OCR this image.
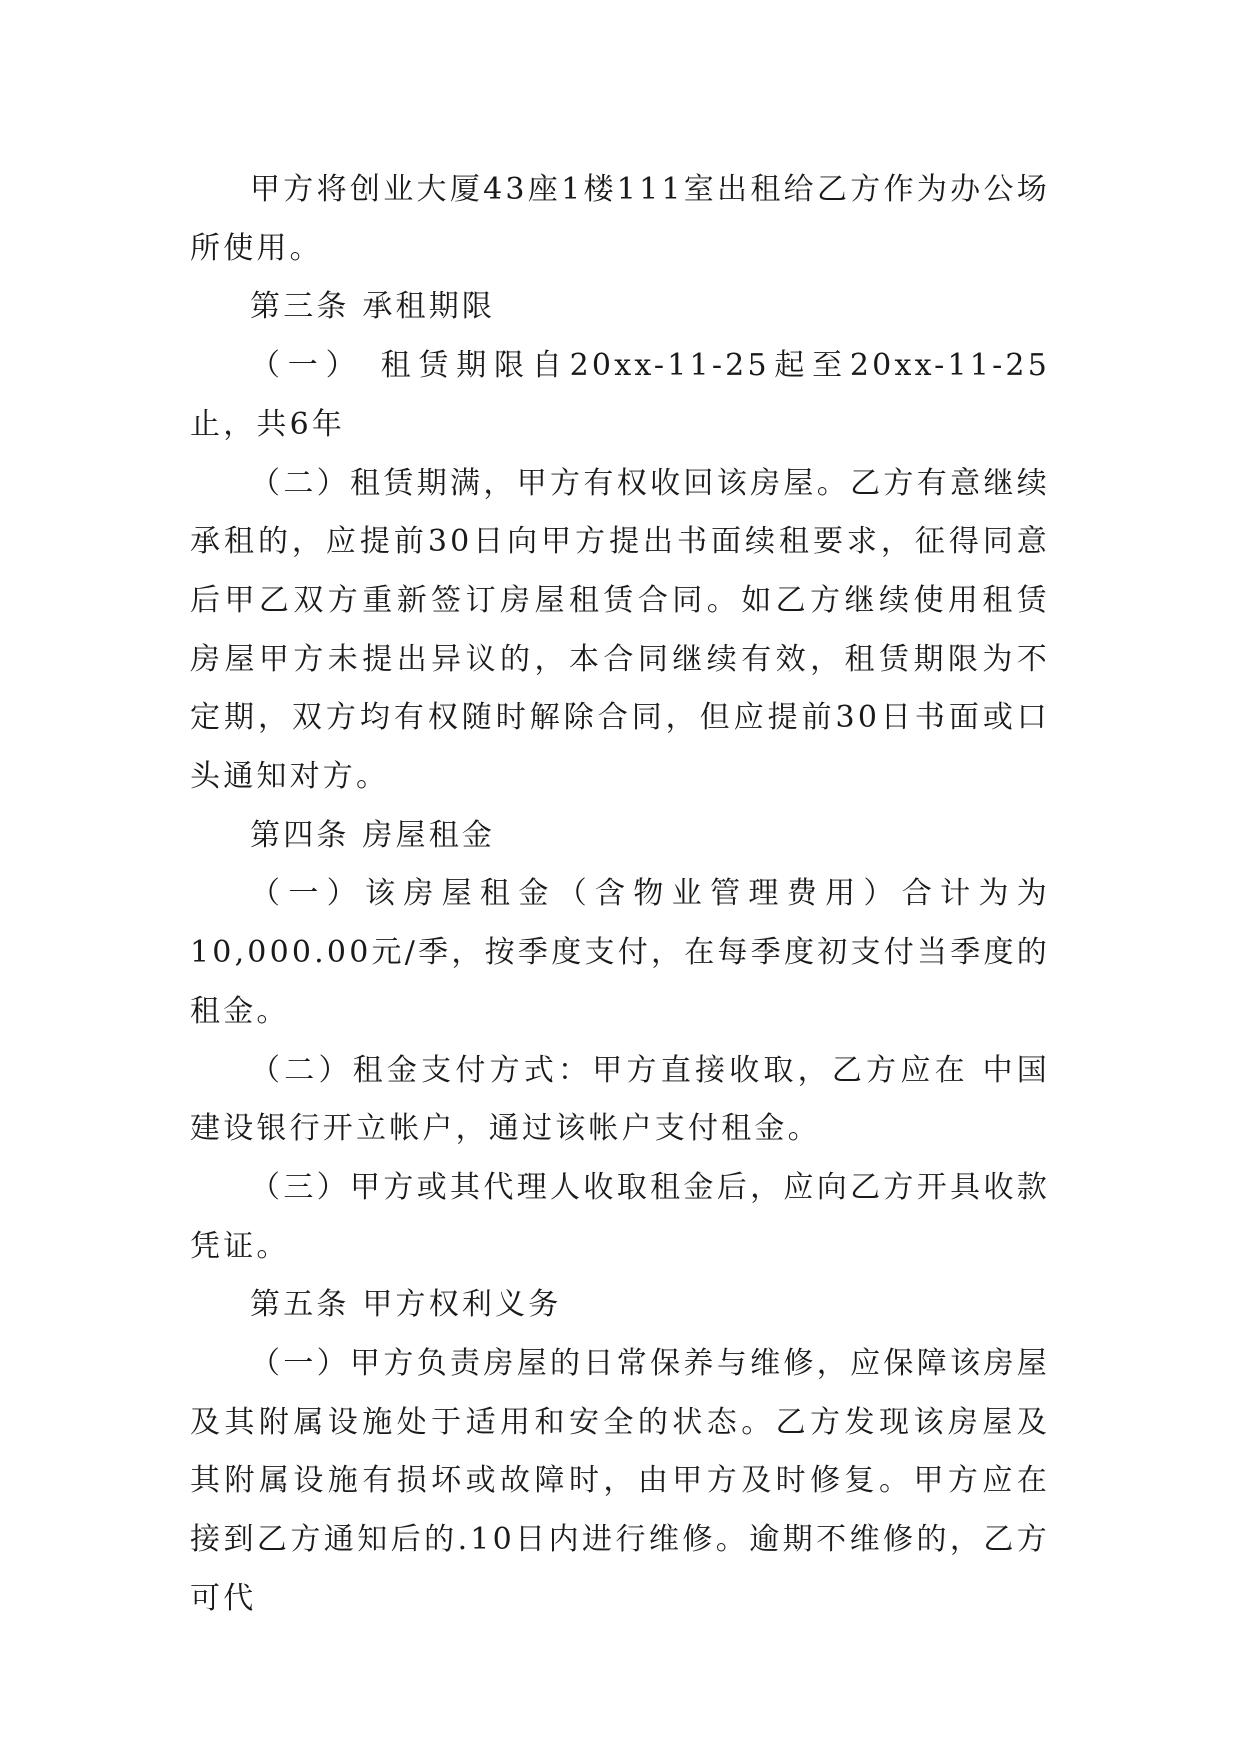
甲方将创业大厦43座1楼111室出租给乙方作为办公场所使用。

第三条 承租期限

（一） 租赁期限自20xx-11-25起至20xx-11-25止，共6年

（二）租赁期满，甲方有权收回该房屋。乙方有意继续承租的，应提前30日向甲方提出书面续租要求，征得同意后甲乙双方重新签订房屋租赁合同。如乙方继续使用租赁房屋甲方未提出异议的，本合同继续有效，租赁期限为不定期，双方均有权随时解除合同，但应提前30日书面或口头通知对方。

第四条 房屋租金

（一）该房屋租金（含物业管理费用）合计为为10,000.00元/季，按季度支付，在每季度初支付当季度的租金。

（二）租金支付方式：甲方直接收取，乙方应在 中国建设银行开立帐户，通过该帐户支付租金。

（三）甲方或其代理人收取租金后，应向乙方开具收款凭证。

第五条 甲方权利义务

（一）甲方负责房屋的日常保养与维修，应保障该房屋及其附属设施处于适用和安全的状态。乙方发现该房屋及其附属设施有损坏或故障时，由甲方及时修复。甲方应在接到乙方通知后的.10日内进行维修。逾期不维修的，乙方可代
